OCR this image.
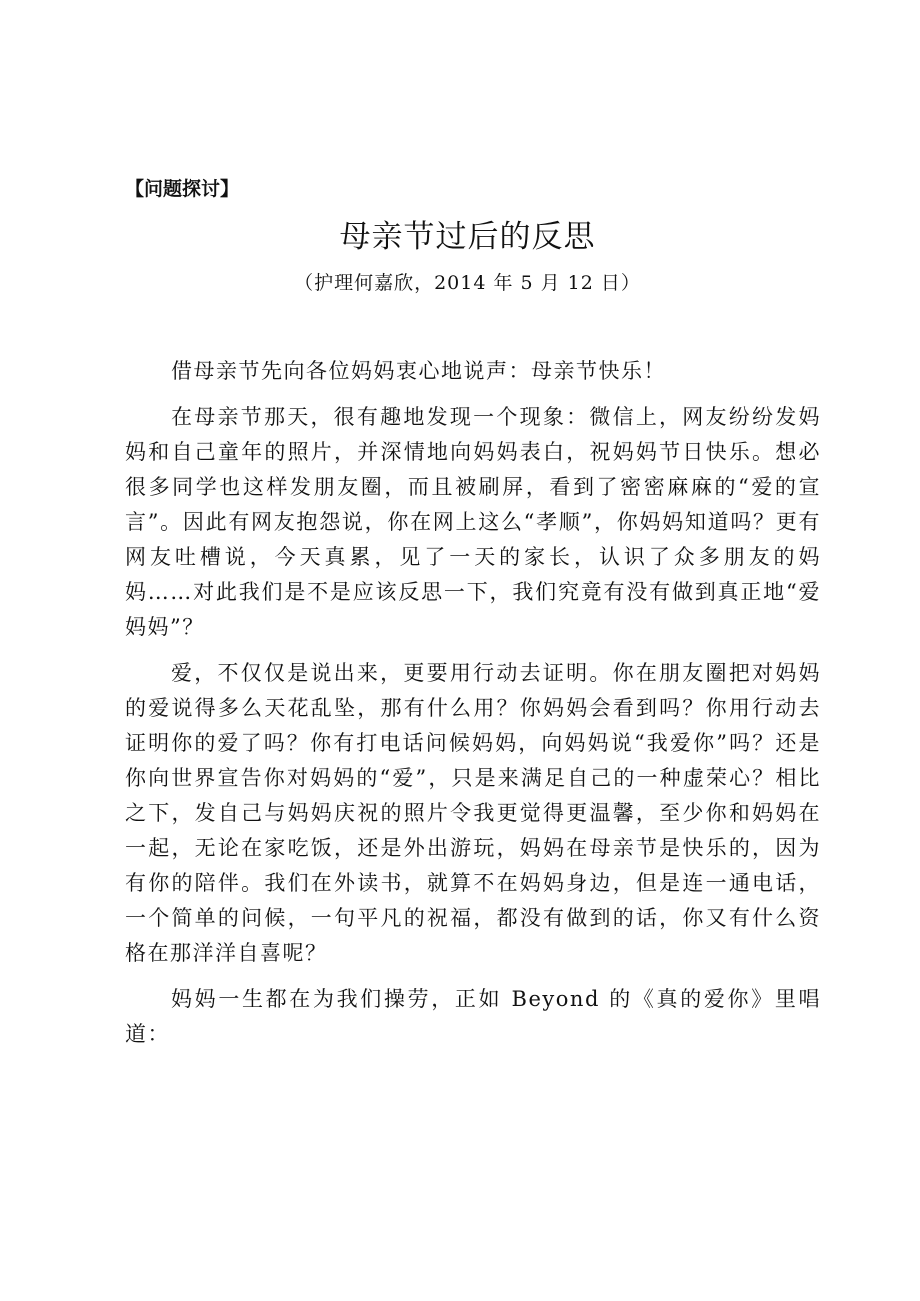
【问题探讨】
母亲节过后的反思
（护理何嘉欣，2014 年 5 月 12 日）

借母亲节先向各位妈妈衷心地说声：母亲节快乐！

在母亲节那天，很有趣地发现一个现象：微信上，网友纷纷发妈妈和自己童年的照片，并深情地向妈妈表白，祝妈妈节日快乐。想必很多同学也这样发朋友圈，而且被刷屏，看到了密密麻麻的“爱的宣言”。因此有网友抱怨说，你在网上这么“孝顺”，你妈妈知道吗？更有网友吐槽说，今天真累，见了一天的家长，认识了众多朋友的妈妈……对此我们是不是应该反思一下，我们究竟有没有做到真正地“爱妈妈”？

爱，不仅仅是说出来，更要用行动去证明。你在朋友圈把对妈妈的爱说得多么天花乱坠，那有什么用？你妈妈会看到吗？你用行动去证明你的爱了吗？你有打电话问候妈妈，向妈妈说“我爱你”吗？还是你向世界宣告你对妈妈的“爱”，只是来满足自己的一种虚荣心？相比之下，发自己与妈妈庆祝的照片令我更觉得更温馨，至少你和妈妈在一起，无论在家吃饭，还是外出游玩，妈妈在母亲节是快乐的，因为有你的陪伴。我们在外读书，就算不在妈妈身边，但是连一通电话，一个简单的问候，一句平凡的祝福，都没有做到的话，你又有什么资格在那洋洋自喜呢？

妈妈一生都在为我们操劳，正如 Beyond 的《真的爱你》里唱道：
